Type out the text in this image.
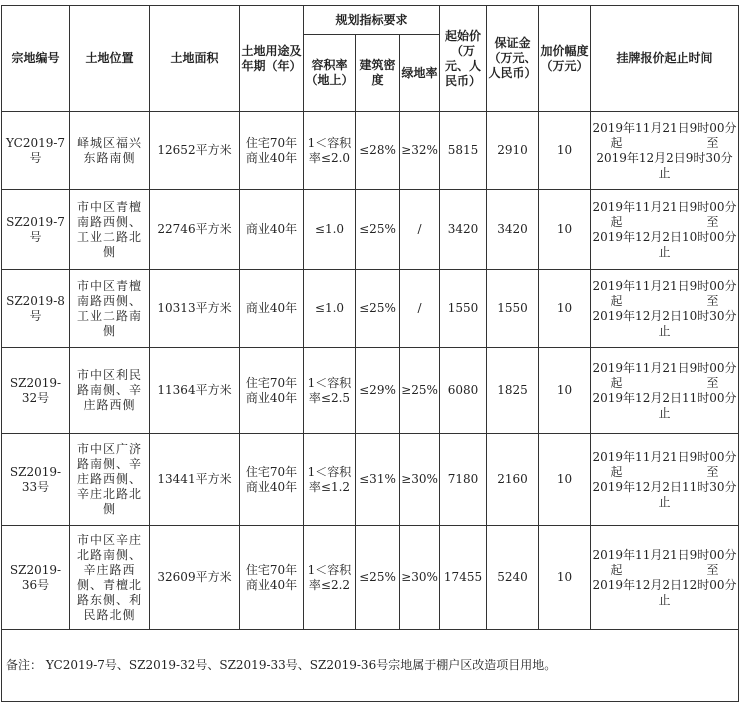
宗地编号	土地位置	土地面积	土地用途及年期（年）	规划指标要求			起始价（万元、人民币）	保证金（万元、人民币）	加价幅度（万元）	挂牌报价起止时间
				容积率（地上）	建筑密度	绿地率				
YC2019-7号	峄城区福兴东路南侧	12652平方米	住宅70年商业40年	1＜容积率≤2.0	≤28%	≥32%	5815	2910	10	2019年11月21日9时00分
起　　　　　　　至
2019年12月2日9时30分
止

SZ2019-7号	市中区青檀南路西侧、工业二路北侧	22746平方米	商业40年	≤1.0	≤25%	/	3420	3420	10	2019年11月21日9时00分
起　　　　　　　至
2019年12月2日10时00分
止

SZ2019-8号	市中区青檀南路西侧、工业二路南侧	10313平方米	商业40年	≤1.0	≤25%	/	1550	1550	10	2019年11月21日9时00分
起　　　　　　　至
2019年12月2日10时30分
止

SZ2019-32号	市中区利民路南侧、辛庄路西侧	11364平方米	住宅70年商业40年	1＜容积率≤2.5	≤29%	≥25%	6080	1825	10	2019年11月21日9时00分
起　　　　　　　至
2019年12月2日11时00分
止

SZ2019-33号	市中区广济路南侧、辛庄路西侧、辛庄北路北侧	13441平方米	住宅70年商业40年	1＜容积率≤1.2	≤31%	≥30%	7180	2160	10	2019年11月21日9时00分
起　　　　　　　至
2019年12月2日11时30分
止

SZ2019-36号	市中区辛庄北路南侧、辛庄路西侧、青檀北路东侧、利民路北侧	32609平方米	住宅70年商业40年	1＜容积率≤2.2	≤25%	≥30%	17455	5240	10	2019年11月21日9时00分
起　　　　　　　至
2019年12月2日12时00分
止

备注： YC2019-7号、SZ2019-32号、SZ2019-33号、SZ2019-36号宗地属于棚户区改造项目用地。										
